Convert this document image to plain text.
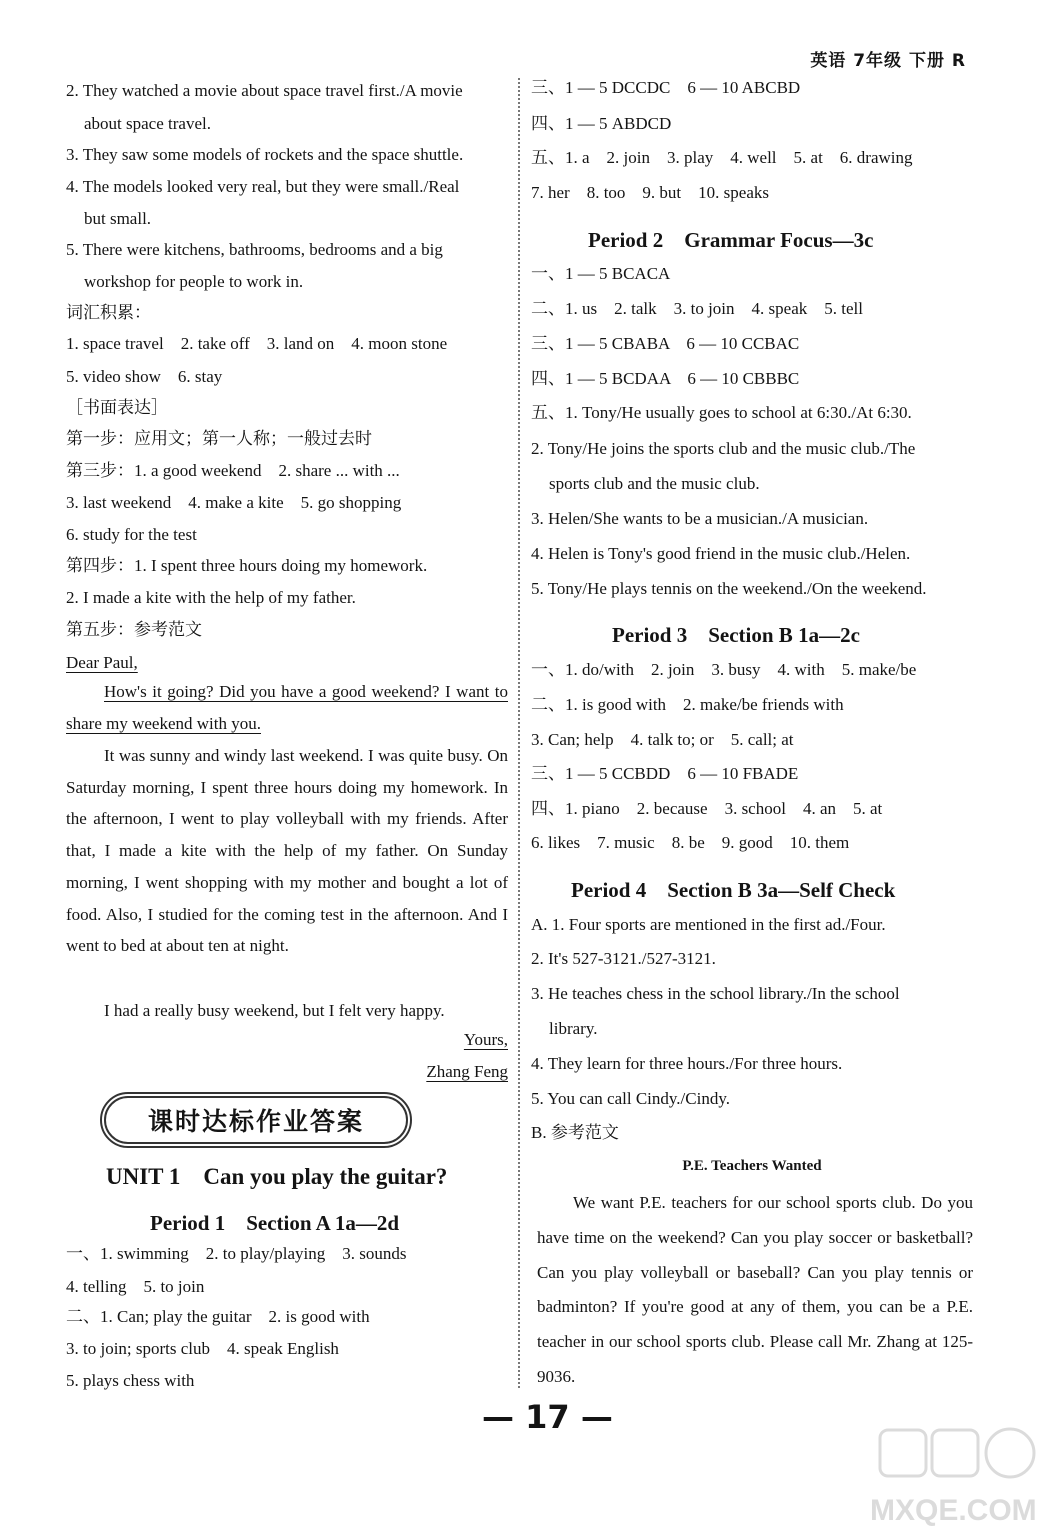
英语 7年级 下册 R
2. They watched a movie about space travel first./A movie
about space travel.
3. They saw some models of rockets and the space shuttle.
4. The models looked very real, but they were small./Real
but small.
5. There were kitchens, bathrooms, bedrooms and a big
workshop for people to work in.
词汇积累：
1. space travel　2. take off　3. land on　4. moon stone
5. video show　6. stay
［书面表达］
第一步：应用文；第一人称；一般过去时
第三步：1. a good weekend　2. share ... with ...
3. last weekend　4. make a kite　5. go shopping
6. study for the test
第四步：1. I spent three hours doing my homework.
2. I made a kite with the help of my father.
第五步：参考范文
Dear Paul,
How's it going? Did you have a good weekend? I want to share my weekend with you.
It was sunny and windy last weekend. I was quite busy. On Saturday morning, I spent three hours doing my homework. In the afternoon, I went to play volleyball with my friends. After that, I made a kite with the help of my father. On Sunday morning, I went shopping with my mother and bought a lot of food. Also, I studied for the coming test in the afternoon. And I went to bed at about ten at night.
I had a really busy weekend, but I felt very happy.
Yours,
Zhang Feng
课时达标作业答案
UNIT 1　Can you play the guitar?
Period 1　Section A 1a—2d
一、1. swimming　2. to play/playing　3. sounds
4. telling　5. to join
二、1. Can; play the guitar　2. is good with
3. to join; sports club　4. speak English
5. plays chess with
三、1 — 5 DCCDC　6 — 10 ABCBD
四、1 — 5 ABDCD
五、1. a　2. join　3. play　4. well　5. at　6. drawing
7. her　8. too　9. but　10. speaks
Period 2　Grammar Focus—3c
一、1 — 5 BCACA
二、1. us　2. talk　3. to join　4. speak　5. tell
三、1 — 5 CBABA　6 — 10 CCBAC
四、1 — 5 BCDAA　6 — 10 CBBBC
五、1. Tony/He usually goes to school at 6:30./At 6:30.
2. Tony/He joins the sports club and the music club./The
sports club and the music club.
3. Helen/She wants to be a musician./A musician.
4. Helen is Tony's good friend in the music club./Helen.
5. Tony/He plays tennis on the weekend./On the weekend.
Period 3　Section B 1a—2c
一、1. do/with　2. join　3. busy　4. with　5. make/be
二、1. is good with　2. make/be friends with
3. Can; help　4. talk to; or　5. call; at
三、1 — 5 CCBDD　6 — 10 FBADE
四、1. piano　2. because　3. school　4. an　5. at
6. likes　7. music　8. be　9. good　10. them
Period 4　Section B 3a—Self Check
A. 1. Four sports are mentioned in the first ad./Four.
2. It's 527-3121./527-3121.
3. He teaches chess in the school library./In the school
library.
4. They learn for three hours./For three hours.
5. You can call Cindy./Cindy.
B. 参考范文
P.E. Teachers Wanted
We want P.E. teachers for our school sports club. Do you have time on the weekend? Can you play soccer or basketball? Can you play volleyball or baseball? Can you play tennis or badminton? If you're good at any of them, you can be a P.E. teacher in our school sports club. Please call Mr. Zhang at 125-9036.
— 17 —
MXQE.COM
